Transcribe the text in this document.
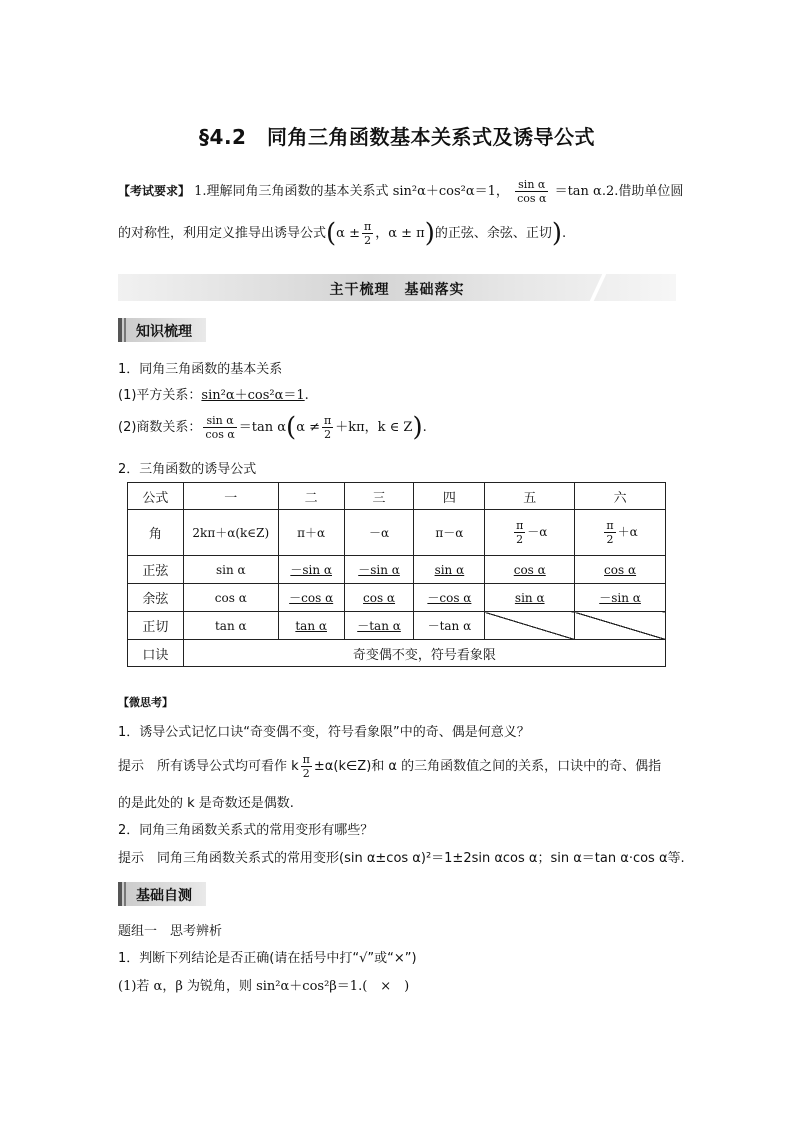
§4.2　同角三角函数基本关系式及诱导公式
【考试要求】 1.理解同角三角函数的基本关系式 sin²α＋cos²α＝1， $\frac{\text{sin α}}{\text{cos α}} =\tan$ α.2.借助单位圆
的对称性，利用定义推导出诱导公式($\alpha \pm \frac{\pi}{2}$ ，α ± π)的正弦、余弦、正切).
主干梳理　基础落实
知识梳理
1．同角三角函数的基本关系
(1)平方关系：sin²α＋cos²α＝1.
(2)商数关系： $\frac{\text{sin α}}{\text{cos α}} =\tan$ $\alpha(\alpha \ne \frac{\pi}{2} +k\pi$，k ∈ Z).
2．三角函数的诱导公式
公式	一	二	三	四	五	六
角	2kπ＋α(k∈Z)	π＋α	－α	π－α	$\frac{\pi}{2} -\alpha$	$\frac{\pi}{2} +\alpha$
正弦	sin α	－sin α	－sin α	sin α	cos α	cos α
余弦	cos α	－cos α	cos α	－cos α	sin α	－sin α
正切	tan α	tan α	－tan α	－tan α		
口诀	奇变偶不变，符号看象限					
【微思考】
1．诱导公式记忆口诀“奇变偶不变，符号看象限”中的奇、偶是何意义？
提示　所有诱导公式均可看作 k $\frac{\pi}{2}$ ±α(k∈Z)和 α 的三角函数值之间的关系，口诀中的奇、偶指
的是此处的 k 是奇数还是偶数.
2．同角三角函数关系式的常用变形有哪些？
提示　同角三角函数关系式的常用变形(sin α±cos α)²＝1±2sin αcos α；sin α＝tan α·cos α等.
基础自测
题组一　思考辨析
1．判断下列结论是否正确(请在括号中打“√”或“×”)
(1)若 α，β 为锐角，则 sin²α＋cos²β＝1.(　×　)
